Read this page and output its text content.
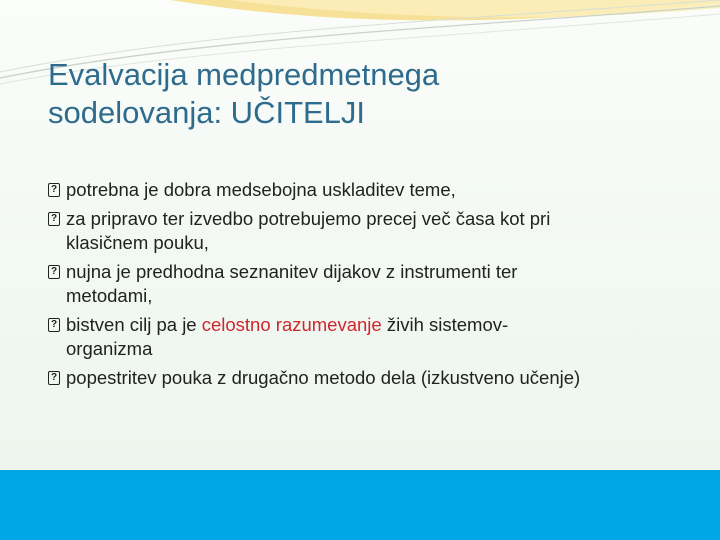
Evalvacija medpredmetnega
sodelovanja: UČITELJI
? potrebna je dobra medsebojna uskladitev teme,
? za pripravo ter izvedbo potrebujemo precej več časa kot pri
klasičnem pouku,
? nujna je predhodna seznanitev dijakov z instrumenti ter
metodami,
? bistven cilj pa je celostno razumevanje živih sistemov-
organizma
? popestritev pouka z drugačno metodo dela (izkustveno učenje)
